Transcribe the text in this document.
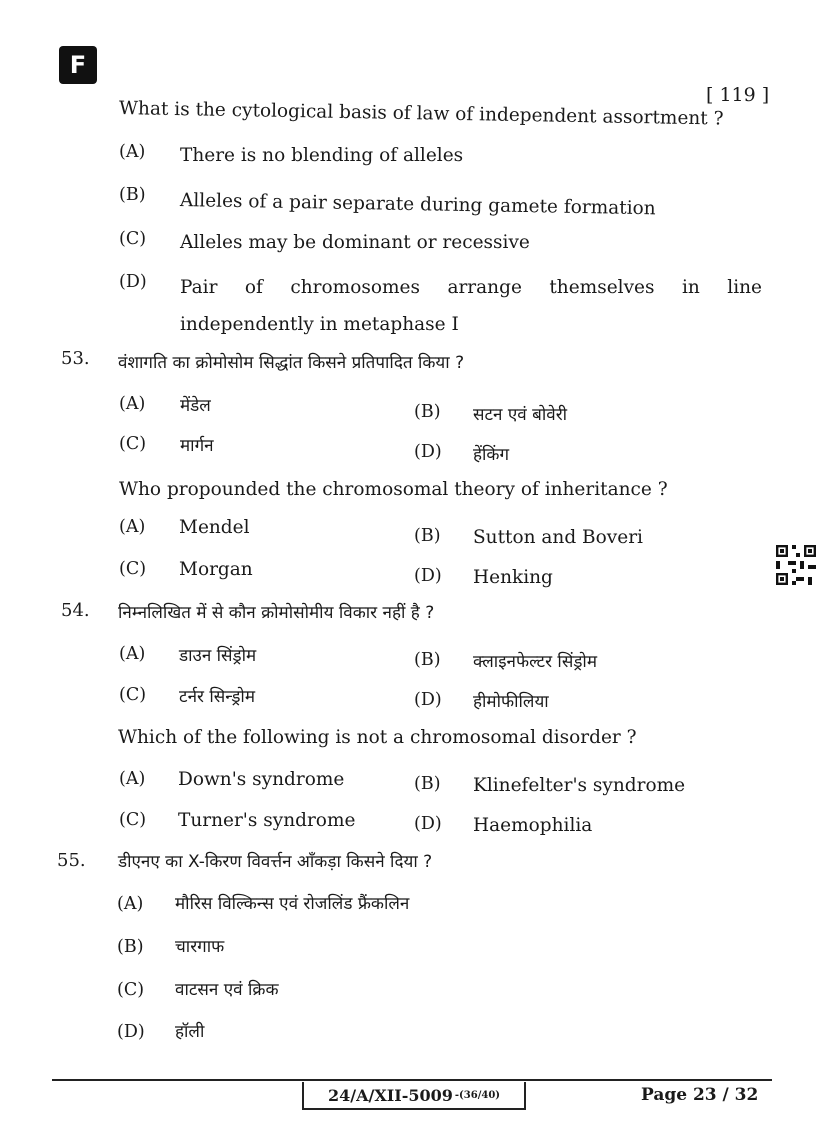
F
[ 119 ]
What is the cytological basis of law of independent assortment ?
(A) There is no blending of alleles
(B) Alleles of a pair separate during gamete formation
(C) Alleles may be dominant or recessive
(D) Pair of chromosomes arrange themselves in line
independently in metaphase I
53. वंशागति का क्रोमोसोम सिद्धांत किसने प्रतिपादित किया ?
(A) मेंडेल	(B) सटन एवं बोवेरी
(C) मार्गन	(D) हेंकिंग
Who propounded the chromosomal theory of inheritance ?
(A) Mendel	(B) Sutton and Boveri
(C) Morgan	(D) Henking
54. निम्नलिखित में से कौन क्रोमोसोमीय विकार नहीं है ?
(A) डाउन सिंड्रोम	(B) क्लाइनफेल्टर सिंड्रोम
(C) टर्नर सिन्ड्रोम	(D) हीमोफीलिया
Which of the following is not a chromosomal disorder ?
(A) Down's syndrome	(B) Klinefelter's syndrome
(C) Turner's syndrome	(D) Haemophilia
55. डीएनए का X-किरण विवर्त्तन आँकड़ा किसने दिया ?
(A) मौरिस विल्किन्स एवं रोजलिंड फ्रैंकलिन
(B) चारगाफ
(C) वाटसन एवं क्रिक
(D) हॉली
24/A/XII-5009 -(36/40)	Page 23 / 32
